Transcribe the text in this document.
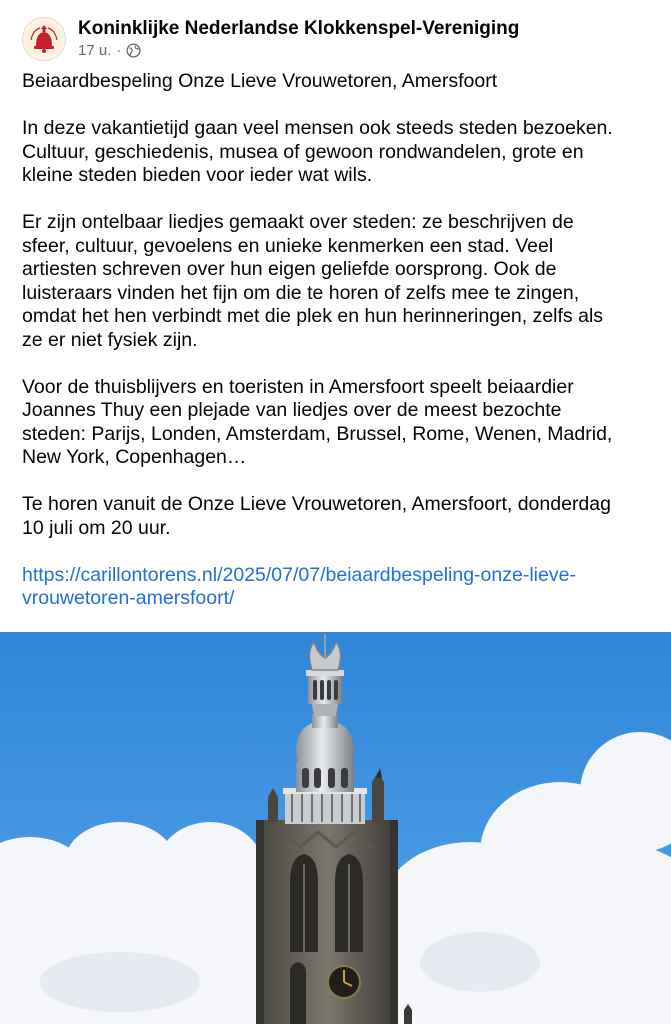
Koninklijke Nederlandse Klokkenspel-Vereniging
17 u. ·

Beiaardbespeling Onze Lieve Vrouwetoren, Amersfoort

In deze vakantietijd gaan veel mensen ook steeds steden bezoeken.
Cultuur, geschiedenis, musea of gewoon rondwandelen, grote en
kleine steden bieden voor ieder wat wils.

Er zijn ontelbaar liedjes gemaakt over steden: ze beschrijven de
sfeer, cultuur, gevoelens en unieke kenmerken een stad. Veel
artiesten schreven over hun eigen geliefde oorsprong. Ook de
luisteraars vinden het fijn om die te horen of zelfs mee te zingen,
omdat het hen verbindt met die plek en hun herinneringen, zelfs als
ze er niet fysiek zijn.

Voor de thuisblijvers en toeristen in Amersfoort speelt beiaardier
Joannes Thuy een plejade van liedjes over de meest bezochte
steden: Parijs, Londen, Amsterdam, Brussel, Rome, Wenen, Madrid,
New York, Copenhagen…

Te horen vanuit de Onze Lieve Vrouwetoren, Amersfoort, donderdag
10 juli om 20 uur.

https://carillontorens.nl/2025/07/07/beiaardbespeling-onze-lieve-
vrouwetoren-amersfoort/
